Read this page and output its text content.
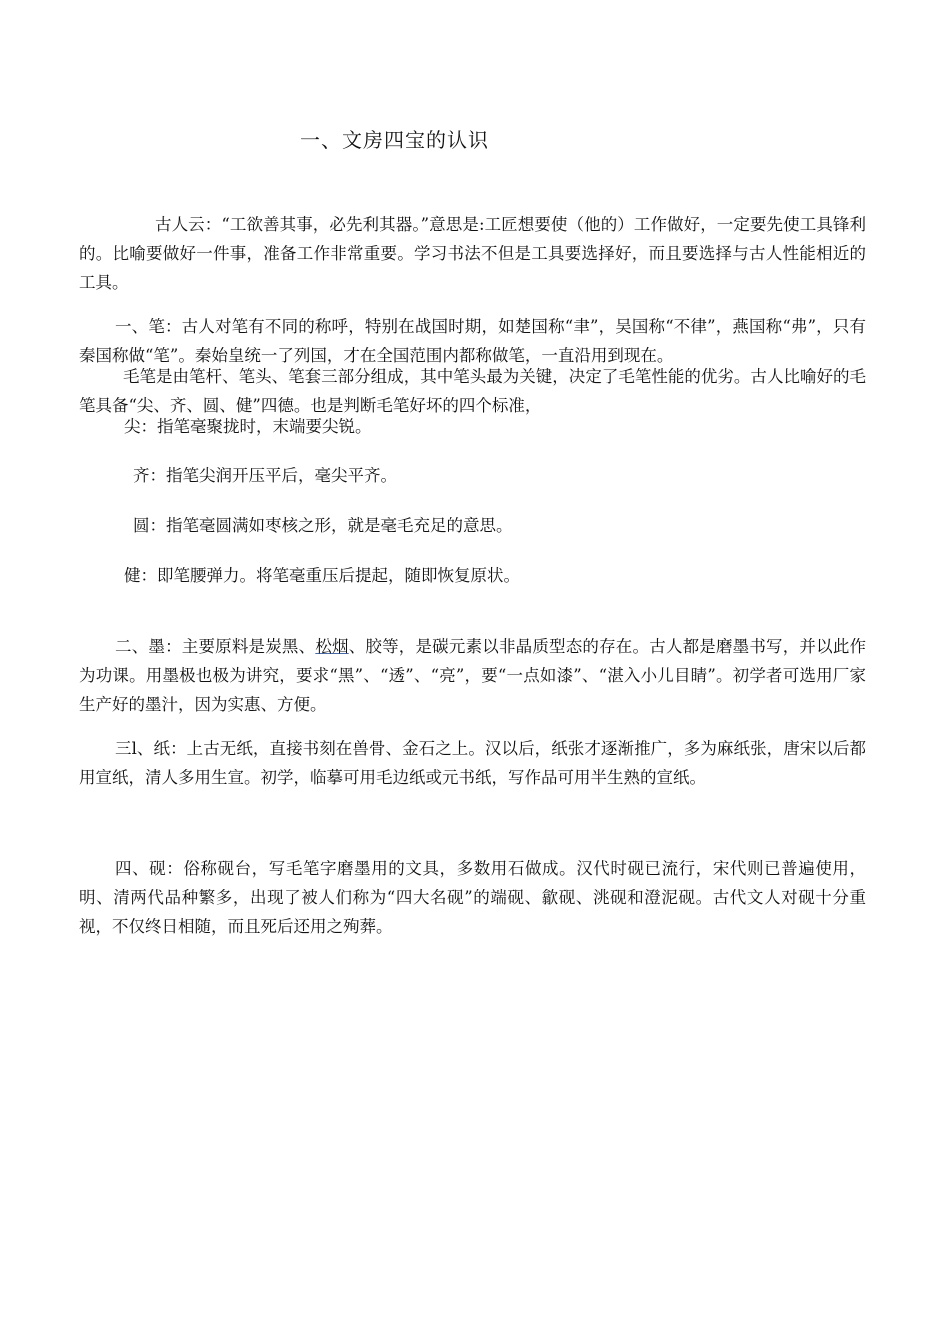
一、文房四宝的认识

古人云：“工欲善其事，必先利其器。”意思是:工匠想要使（他的）工作做好，一定要先使工具锋利的。比喻要做好一件事，准备工作非常重要。学习书法不但是工具要选择好，而且要选择与古人性能相近的工具。

一、笔：古人对笔有不同的称呼，特别在战国时期，如楚国称“聿”，吴国称“不律”，燕国称“弗”，只有秦国称做“笔”。秦始皇统一了列国，才在全国范围内都称做笔，一直沿用到现在。

毛笔是由笔杆、笔头、笔套三部分组成，其中笔头最为关键，决定了毛笔性能的优劣。古人比喻好的毛笔具备“尖、齐、圆、健”四德。也是判断毛笔好坏的四个标准，

尖：指笔毫聚拢时，末端要尖锐。
齐：指笔尖润开压平后，毫尖平齐。
圆：指笔毫圆满如枣核之形，就是毫毛充足的意思。
健：即笔腰弹力。将笔毫重压后提起，随即恢复原状。

二、墨：主要原料是炭黑、松烟、胶等，是碳元素以非晶质型态的存在。古人都是磨墨书写，并以此作为功课。用墨极也极为讲究，要求“黑”、“透”、“亮”，要“一点如漆”、“湛入小儿目睛”。初学者可选用厂家生产好的墨汁，因为实惠、方便。

三l、纸：上古无纸，直接书刻在兽骨、金石之上。汉以后，纸张才逐渐推广，多为麻纸张，唐宋以后都用宣纸，清人多用生宣。初学，临摹可用毛边纸或元书纸，写作品可用半生熟的宣纸。

四、砚：俗称砚台，写毛笔字磨墨用的文具，多数用石做成。汉代时砚已流行，宋代则已普遍使用，明、清两代品种繁多，出现了被人们称为“四大名砚”的端砚、歙砚、洮砚和澄泥砚。古代文人对砚十分重视，不仅终日相随，而且死后还用之殉葬。
